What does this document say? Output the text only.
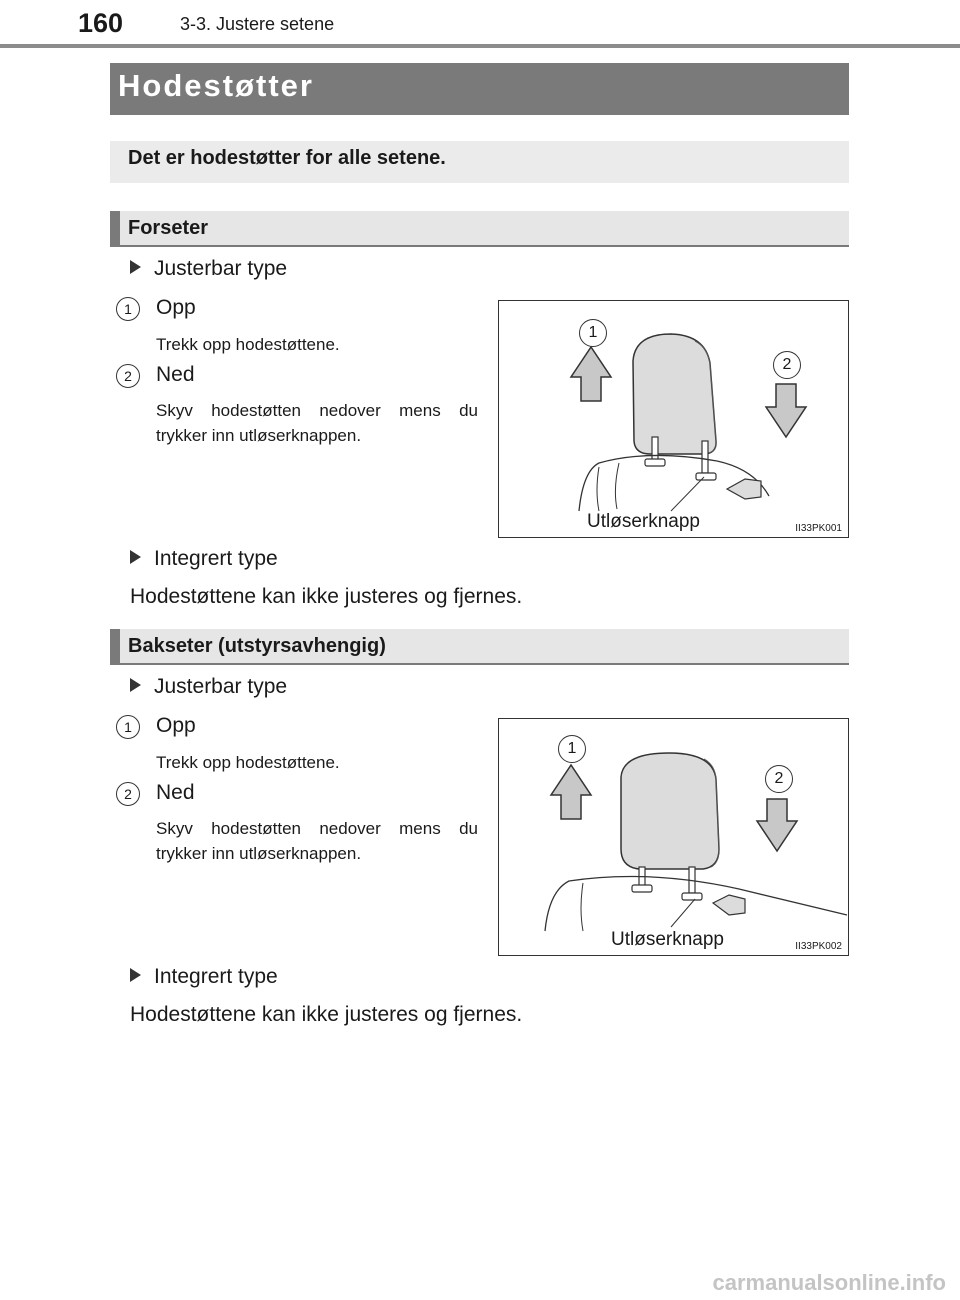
160	3-3. Justere setene
Hodestøtter
Det er hodestøtter for alle setene.
Forseter
Justerbar type
1	Opp
Trekk opp hodestøttene.
2	Ned
Skyv hodestøtten nedover mens du trykker inn utløserknappen.
1
2
Utløserknapp	II33PK001
Integrert type
Hodestøttene kan ikke justeres og fjernes.
Bakseter (utstyrsavhengig)
Justerbar type
1	Opp
Trekk opp hodestøttene.
2	Ned
Skyv hodestøtten nedover mens du trykker inn utløserknappen.
1
2
Utløserknapp	II33PK002
Integrert type
Hodestøttene kan ikke justeres og fjernes.
carmanualsonline.info
